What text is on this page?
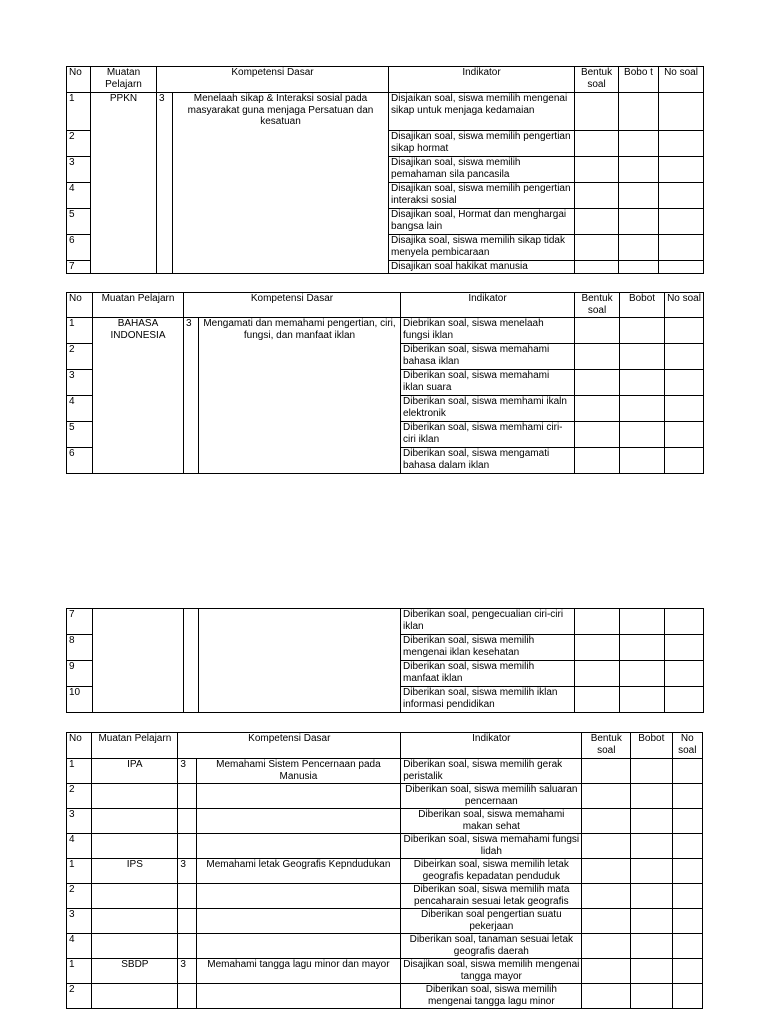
No	Muatan Pelajarn	Kompetensi Dasar		Indikator	Bentuk soal	Bobo t	No soal
1	PPKN	3	Menelaah sikap & Interaksi sosial pada masyarakat guna menjaga Persatuan dan kesatuan	Disjaikan soal, siswa memilih mengenai sikap untuk menjaga kedamaian			
2				Disajikan soal, siswa memilih pengertian sikap hormat			
3				Disajikan soal, siswa memilih pemahaman sila pancasila			
4				Disajikan soal, siswa memilih pengertian interaksi sosial			
5				Disajikan soal, Hormat dan menghargai bangsa lain			
6				Disajika soal, siswa memilih sikap tidak menyela pembicaraan			
7				Disajikan soal hakikat manusia			
No	Muatan Pelajarn	Kompetensi Dasar		Indikator	Bentuk soal	Bobot	No soal
1	BAHASA INDONESIA	3	Mengamati dan memahami pengertian, ciri, fungsi, dan manfaat iklan	Diebrikan soal, siswa menelaah fungsi iklan			
2				Diberikan soal, siswa memahami bahasa iklan			
3				Diberikan soal, siswa memahami iklan suara			
4				Diberikan soal, siswa memhami ikaln elektronik			
5				Diberikan soal, siswa memhami ciri-ciri iklan			
6				Diberikan soal, siswa mengamati bahasa dalam iklan			
7				Diberikan soal, pengecualian ciri-ciri iklan			
8				Diberikan soal, siswa memilih mengenai iklan kesehatan			
9				Diberikan soal, siswa memilih manfaat iklan			
10				Diberikan soal, siswa memilih iklan informasi pendidikan			
No	Muatan Pelajarn	Kompetensi Dasar		Indikator	Bentuk soal	Bobot	No soal
1	IPA	3	Memahami Sistem Pencernaan pada Manusia	Diberikan soal, siswa memilih gerak peristalik			
2				Diberikan soal, siswa memilih saluaran pencernaan			
3				Diberikan soal, siswa memahami makan sehat			
4				Diberikan soal, siswa memahami fungsi lidah			
1	IPS	3	Memahami letak Geografis Kepndudukan	Dibeirkan soal, siswa memilih letak geografis kepadatan penduduk			
2				Diberikan soal, siswa memilih mata pencaharain sesuai letak geografis			
3				Diberikan soal pengertian suatu pekerjaan			
4				Diberikan soal, tanaman sesuai letak geografis daerah			
1	SBDP	3	Memahami tangga lagu minor dan mayor	Disajikan soal, siswa memilih mengenai tangga mayor			
2				Diberikan soal, siswa memilih mengenai tangga lagu minor			
